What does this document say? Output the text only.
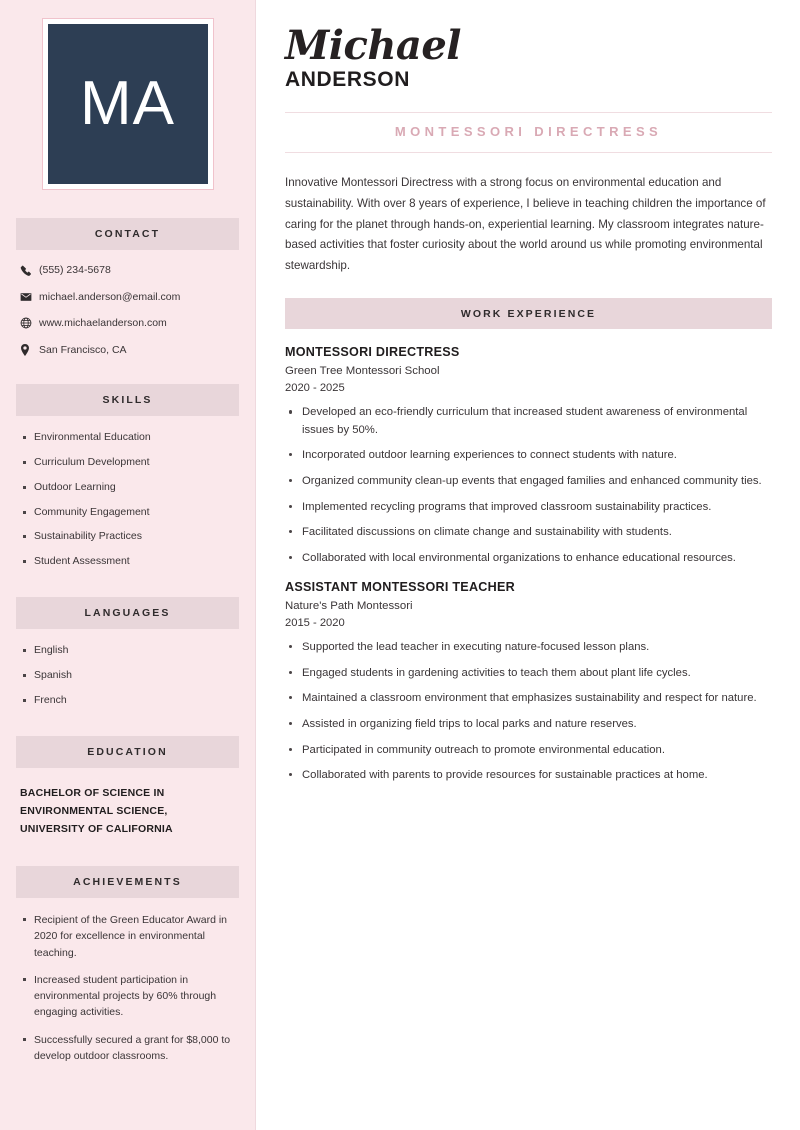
MA
CONTACT
(555) 234-5678
michael.anderson@email.com
www.michaelanderson.com
San Francisco, CA
SKILLS
Environmental Education
Curriculum Development
Outdoor Learning
Community Engagement
Sustainability Practices
Student Assessment
LANGUAGES
English
Spanish
French
EDUCATION
BACHELOR OF SCIENCE IN ENVIRONMENTAL SCIENCE, UNIVERSITY OF CALIFORNIA
ACHIEVEMENTS
Recipient of the Green Educator Award in 2020 for excellence in environmental teaching.
Increased student participation in environmental projects by 60% through engaging activities.
Successfully secured a grant for $8,000 to develop outdoor classrooms.
Michael
ANDERSON
MONTESSORI DIRECTRESS

Innovative Montessori Directress with a strong focus on environmental education and sustainability. With over 8 years of experience, I believe in teaching children the importance of caring for the planet through hands-on, experiential learning. My classroom integrates nature-based activities that foster curiosity about the world around us while promoting environmental stewardship.

WORK EXPERIENCE
MONTESSORI DIRECTRESS
Green Tree Montessori School
2020 - 2025
Developed an eco-friendly curriculum that increased student awareness of environmental issues by 50%.
Incorporated outdoor learning experiences to connect students with nature.
Organized community clean-up events that engaged families and enhanced community ties.
Implemented recycling programs that improved classroom sustainability practices.
Facilitated discussions on climate change and sustainability with students.
Collaborated with local environmental organizations to enhance educational resources.
ASSISTANT MONTESSORI TEACHER
Nature's Path Montessori
2015 - 2020
Supported the lead teacher in executing nature-focused lesson plans.
Engaged students in gardening activities to teach them about plant life cycles.
Maintained a classroom environment that emphasizes sustainability and respect for nature.
Assisted in organizing field trips to local parks and nature reserves.
Participated in community outreach to promote environmental education.
Collaborated with parents to provide resources for sustainable practices at home.
